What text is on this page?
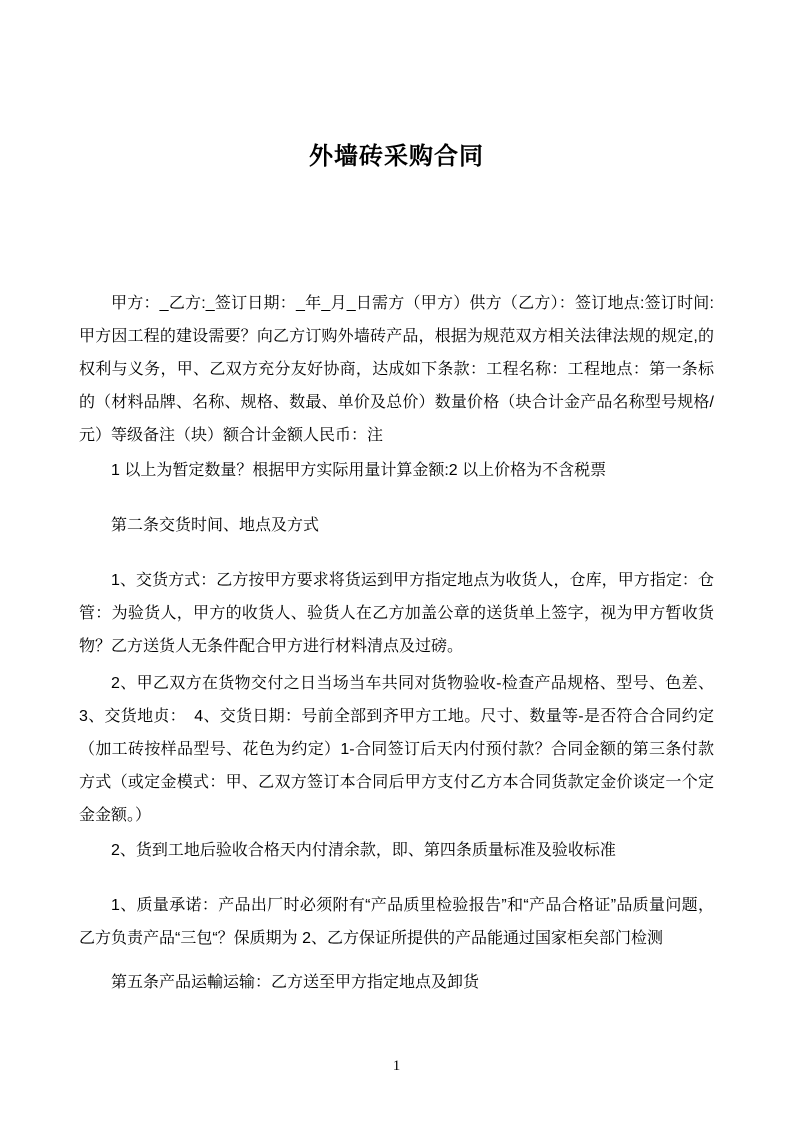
外墙砖采购合同

甲方：_乙方:_签订日期：_年_月_日需方（甲方）供方（乙方）：签订地点:签订时间:甲方因工程的建设需要？向乙方订购外墙砖产品，根据为规范双方相关法律法规的规定,的权利与义务，甲、乙双方充分友好协商，达成如下条款：工程名称：工程地点：第一条标的（材料品牌、名称、规格、数最、单价及总价）数量价格（块合计金产品名称型号规格/元）等级备注（块）额合计金额人民币：注

1 以上为暂定数量？根据甲方实际用量计算金额:2 以上价格为不含税票

第二条交货时间、地点及方式

1、交货方式：乙方按甲方要求将货运到甲方指定地点为收货人，仓库，甲方指定：仓管：为验货人，甲方的收货人、验货人在乙方加盖公章的送货单上签字，视为甲方暂收货物？乙方送货人无条件配合甲方进行材料清点及过磅。

2、甲乙双方在货物交付之日当场当车共同对货物验收-检查产品规格、型号、色差、3、交货地贞：　4、交货日期：号前全部到齐甲方工地。尺寸、数量等-是否符合合同约定（加工砖按样品型号、花色为约定）1-合同签订后天内付预付款？合同金额的第三条付款方式（或定金模式：甲、乙双方签订本合同后甲方支付乙方本合同货款定金价谈定一个定金金额。）

2、货到工地后验收合格天内付清余款，即、第四条质量标准及验收标准

1、质量承诺：产品出厂时必须附有“产品质里检验报告”和“产品合格证”品质量问题，乙方负责产品“三包“？保质期为 2、乙方保证所提供的产品能通过国家柜矣部门检测

第五条产品运輸运输：乙方送至甲方指定地点及卸货

1
